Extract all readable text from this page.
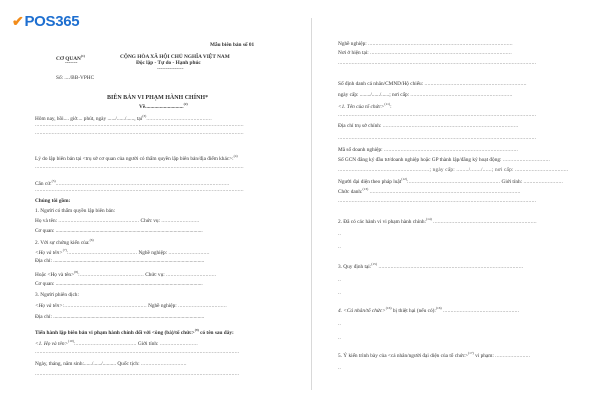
✔POS365
Mẫu biên bản số 01
CƠ QUAN$^{(1)}$
-------
CỘNG HÒA XÃ HỘI CHỦ NGHĨA VIỆT NAM
Độc lập - Tự do - Hạnh phúc
---------------
Số: ..../BB-VPHC
BIÊN BẢN VI PHẠM HÀNH CHÍNH*
Về.............................$^{(2)}$
Hôm nay, hồi.... giờ.... phút, ngày ....../....../......, tại$^{(3)}$...........................................
.........................................................................................................................................
.........................................................................................................................................
Lý do lập biên bản tại <trụ sở cơ quan của người có thẩm quyền lập biên bản/địa điểm khác>:$^{(4)}$
.........................................................................................................................................
Căn cứ:$^{(5)}$..................................................................................................................
.........................................................................................................................................
Chúng tôi gồm:
1. Người có thẩm quyền lập biên bản:
Họ và tên: ..................................................... Chức vụ: .........................
Cơ quan: ...............................................................................................................
2. Với sự chứng kiến của:$^{(6)}$
<Họ và tên>$^{(7)}$:............................................. Nghề nghiệp: ...........................
Địa chỉ: ..................................................................................................................
Hoặc <Họ và tên>$^{(8)}$:.......................................... Chức vụ: .................................
Cơ quan: ...............................................................................................................
3. Người phiên dịch:
<Họ và tên>:...................................................... Nghề nghiệp: ................................
Địa chỉ: ..................................................................................................................
Tiến hành lập biên bản vi phạm hành chính đối với <ông (bà)/tổ chức>$^{(9)}$ có tên sau đây:
<1. Họ và tên>$^{(10)}$:........................................ Giới tính: .........................
......................................................................................................................................
Ngày, tháng, năm sinh:....../....../.......... Quốc tịch: ..............................
......................................................................................................................................
Nghề nghiệp: ...............................................................................................
Nơi ở hiện tại: .............................................................................................
..................................................................................................................................
Số định danh cá nhân/CMND/Hộ chiếu: ...................................................................
ngày cấp: ......../....../......; nơi cấp: ...................................................................
<1. Tên của tổ chức>$^{(11)}$:
..................................................................................................................................
Địa chỉ trụ sở chính: .........................................................................................
..................................................................................................................................
Mã số doanh nghiệp: ........................................................................................
Số GCN đăng ký đầu tư/doanh nghiệp hoặc GP thành lập/đăng ký hoạt động: ...............................
............................................................; ngày cấp: ......../......./......; nơi cấp: ...................................
Người đại diện theo pháp luật$^{(12)}$:............................................................ Giới tính: ..........................
Chức danh:$^{(13)}$ ...................................................................................................
..................................................................................................................................
2. Đã có các hành vi vi phạm hành chính:$^{(14)}$ ....................................................................
..
..
3. Quy định tại:$^{(15)}$ ...............................................................................................
..
..
4. <Cá nhân/tổ chức>$^{(16)}$ bị thiệt hại (nếu có):$^{(16)}$ ..................................................
..
..
5. Ý kiến trình bày của <cá nhân/người đại diện của tổ chức>$^{(17)}$ vi phạm: .......................
..
